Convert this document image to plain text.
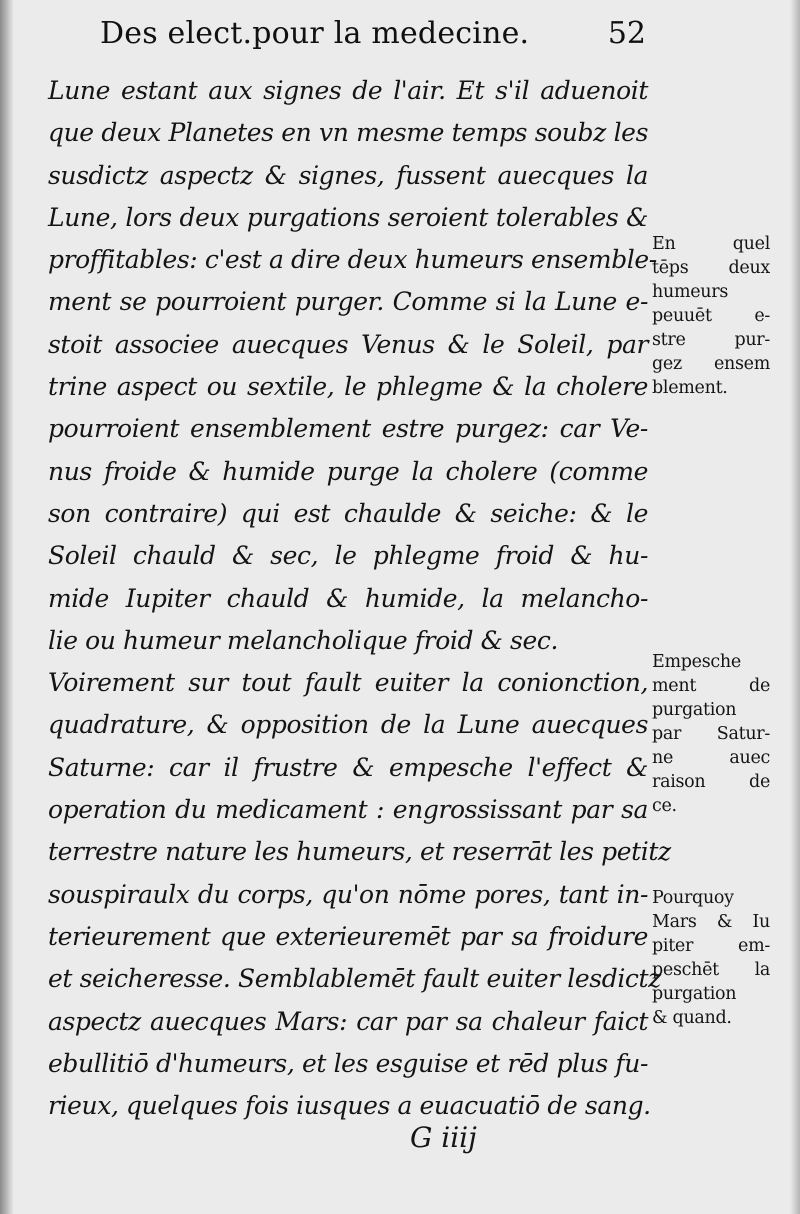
Des elect.pour la medecine.	52
Lune estant aux signes de l'air. Et s'il aduenoit
que deux Planetes en vn mesme temps soubz les
susdictz aspectz & signes, fussent auecques la
Lune, lors deux purgations seroient tolerables &
proffitables: c'est a dire deux humeurs ensemble-
ment se pourroient purger. Comme si la Lune e-
stoit associee auecques Venus & le Soleil, par
trine aspect ou sextile, le phlegme & la cholere
pourroient ensemblement estre purgez: car Ve-
nus froide & humide purge la cholere (comme
son contraire) qui est chaulde & seiche: & le
Soleil chauld & sec, le phlegme froid & hu-
mide Iupiter chauld & humide, la melancho-
lie ou humeur melancholique froid & sec.
Voirement sur tout fault euiter la conionction,
quadrature, & opposition de la Lune auecques
Saturne: car il frustre & empesche l'effect &
operation du medicament : engrossissant par sa
terrestre nature les humeurs, et reserrāt les petitz
souspiraulx du corps, qu'on nōme pores, tant in-
terieurement que exterieuremēt par sa froidure
et seicheresse. Semblablemēt fault euiter lesdictz
aspectz auecques Mars: car par sa chaleur faict
ebullitiō d'humeurs, et les esguise et rēd plus fu-
rieux, quelques fois iusques a euacuatiō de sang.
En quel
tēps deux
humeurs
peuuēt e-
stre pur-
gez ensem
blement.
Empesche
ment de
purgation
par Satur-
ne auec
raison de
ce.
Pourquoy
Mars & Iu
piter em-
peschēt la
purgation
& quand.
G iiij
